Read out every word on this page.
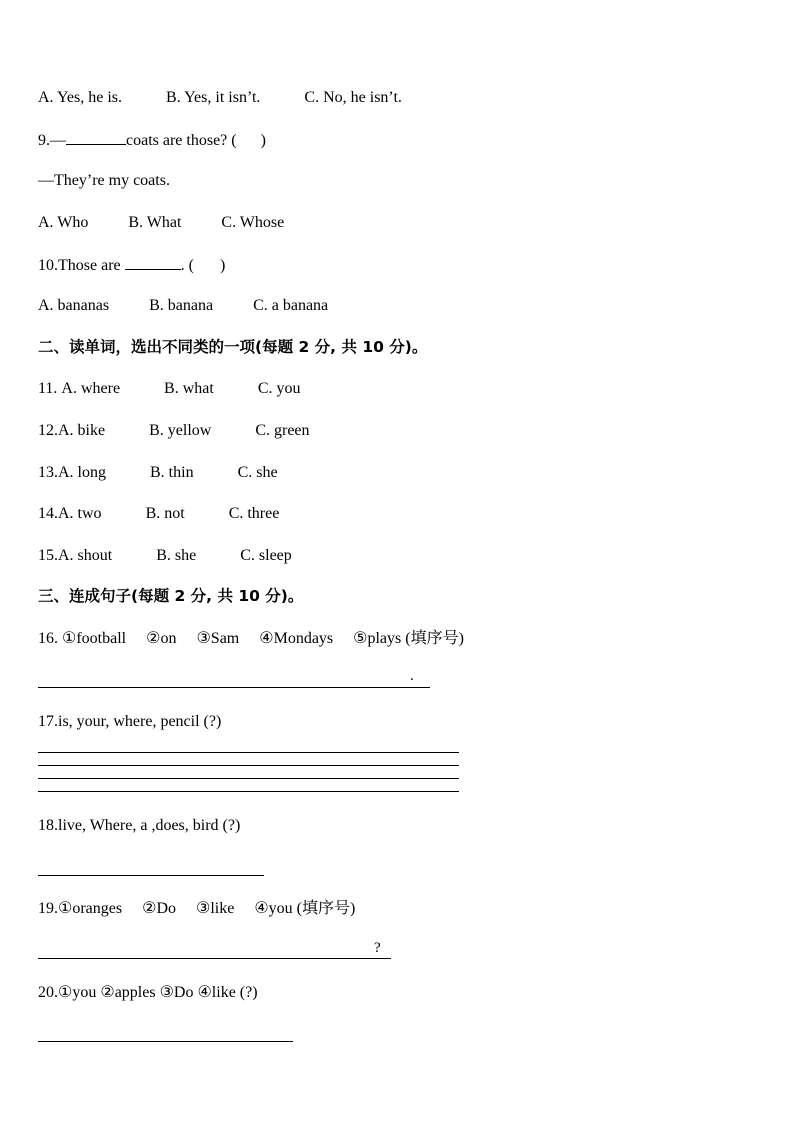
A. Yes, he is.	B. Yes, it isn’t.	C. No, he isn’t.
9.—	coats are those? ( )
—They’re my coats.
A. Who	B. What	C. Whose
10.Those are	. ( )
A. bananas	B. banana	C. a banana
二、读单词，选出不同类的一项(每题 2 分, 共 10 分)。
11. A. where	B. what	C. you
12.A. bike	B. yellow	C. green
13.A. long	B. thin	C. she
14.A. two	B. not	C. three
15.A. shout	B. she	C. sleep
三、连成句子(每题 2 分, 共 10 分)。
16. ①football     ②on     ③Sam     ④Mondays     ⑤plays (填序号)
.
17.is, your, where, pencil (?)
18.live, Where, a ,does, bird (?)
19.①oranges     ②Do     ③like     ④you (填序号)
?
20.①you ②apples ③Do ④like (?)
